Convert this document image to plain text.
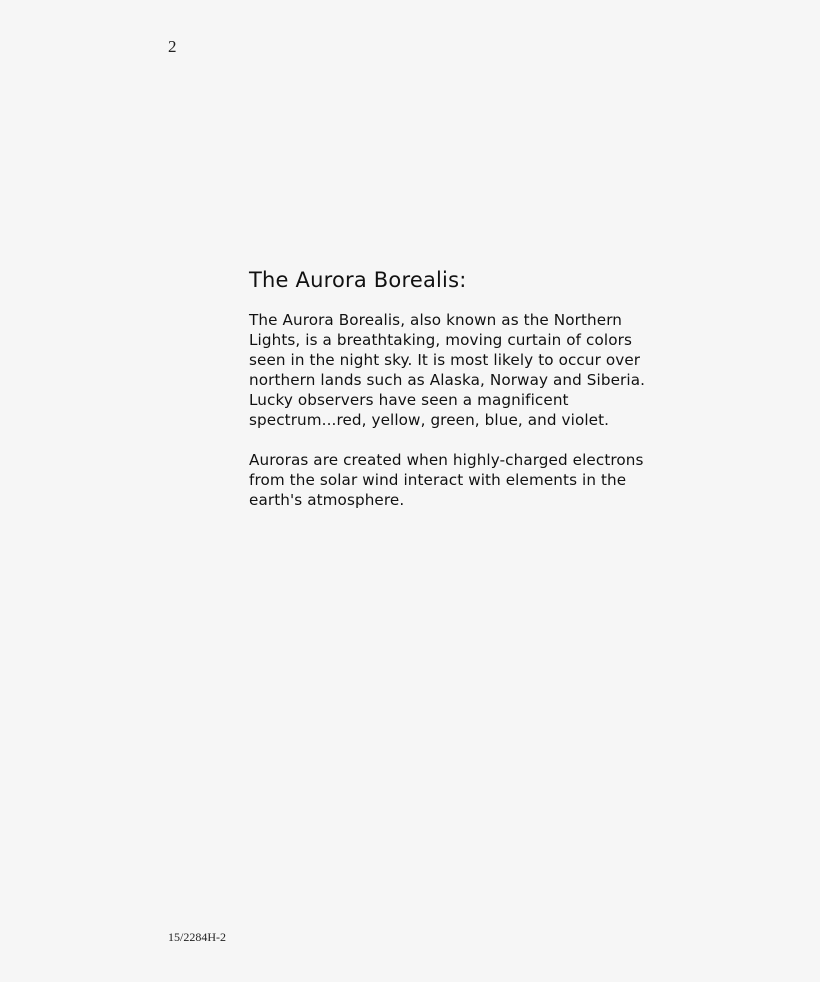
2
The Aurora Borealis:

The Aurora Borealis, also known as the Northern Lights, is a breathtaking, moving curtain of colors seen in the night sky. It is most likely to occur over northern lands such as Alaska, Norway and Siberia. Lucky observers have seen a magnificent spectrum...red, yellow, green, blue, and violet.

Auroras are created when highly-charged electrons from the solar wind interact with elements in the earth's atmosphere.

15/2284H-2
